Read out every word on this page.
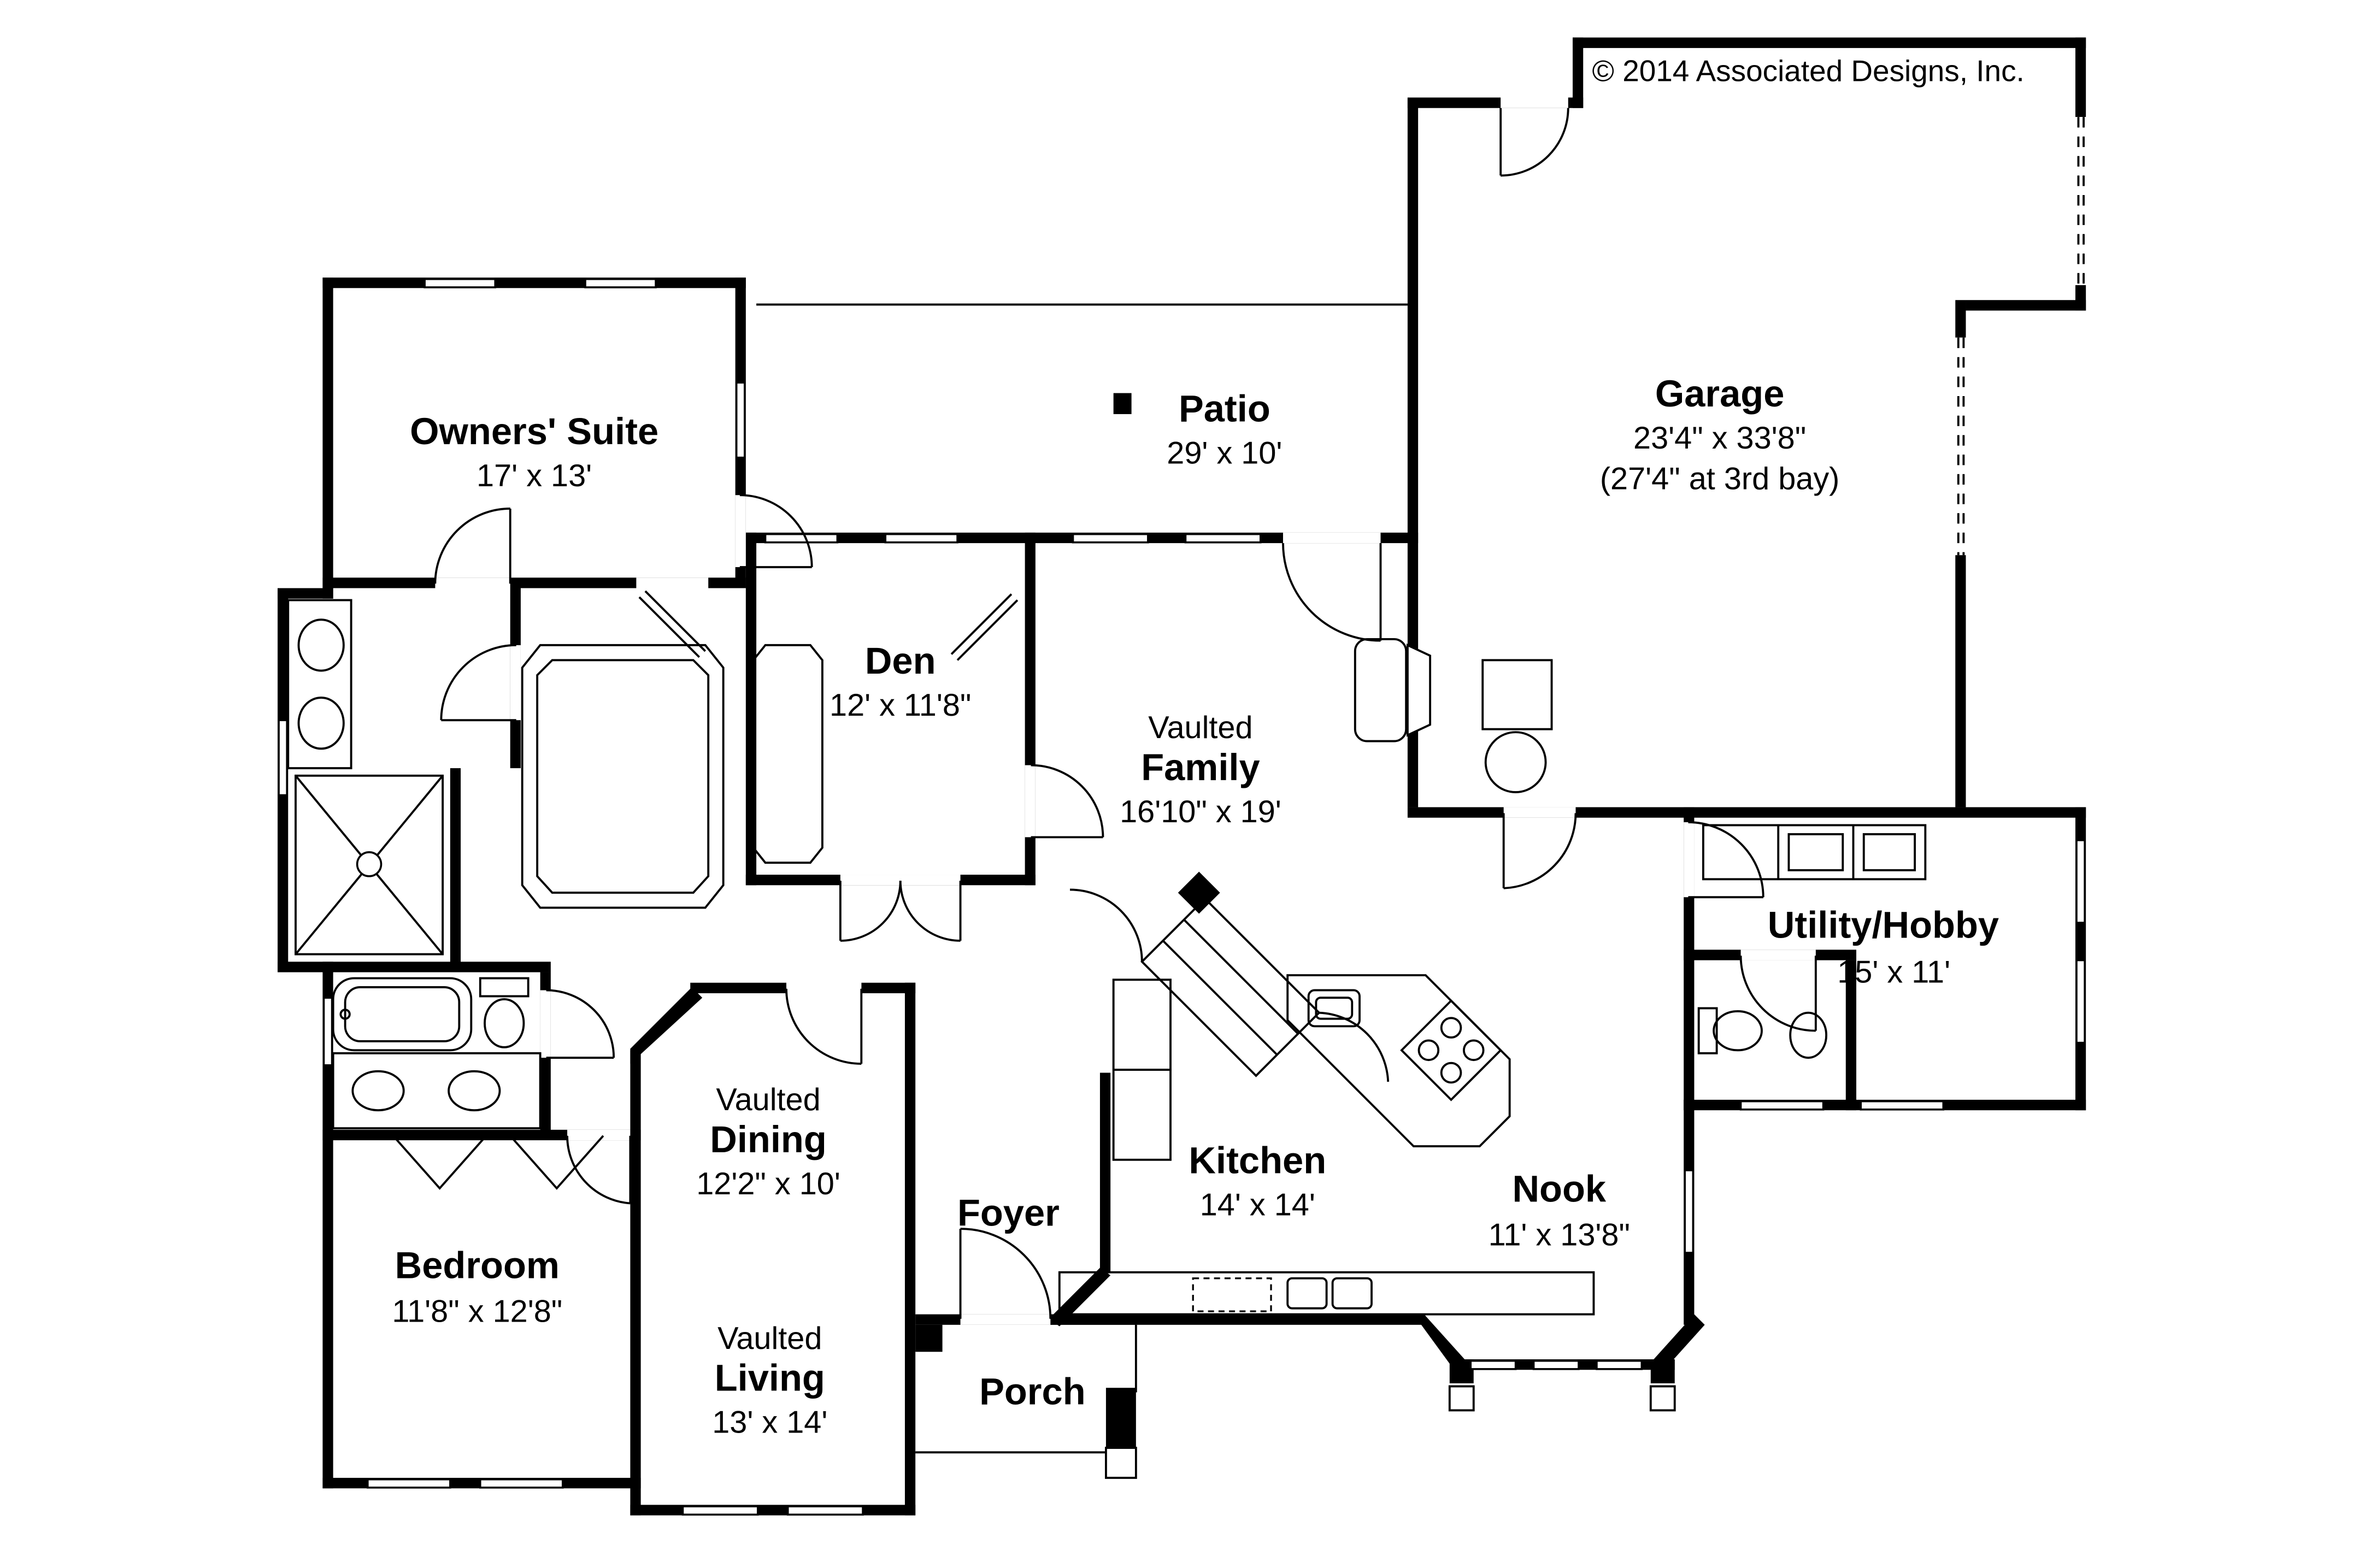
© 2014 Associated Designs, Inc.
Owners' Suite
17' x 13'
Patio
29' x 10'
Garage
23'4" x 33'8"
(27'4" at 3rd bay)
Den
12' x 11'8"
Vaulted
Family
16'10" x 19'
Utility/Hobby
15' x 11'
Vaulted
Dining
12'2" x 10'
Foyer
Kitchen
14' x 14'	Nook
11' x 13'8"
Bedroom
11'8" x 12'8"
Vaulted
Living
13' x 14'
Porch
